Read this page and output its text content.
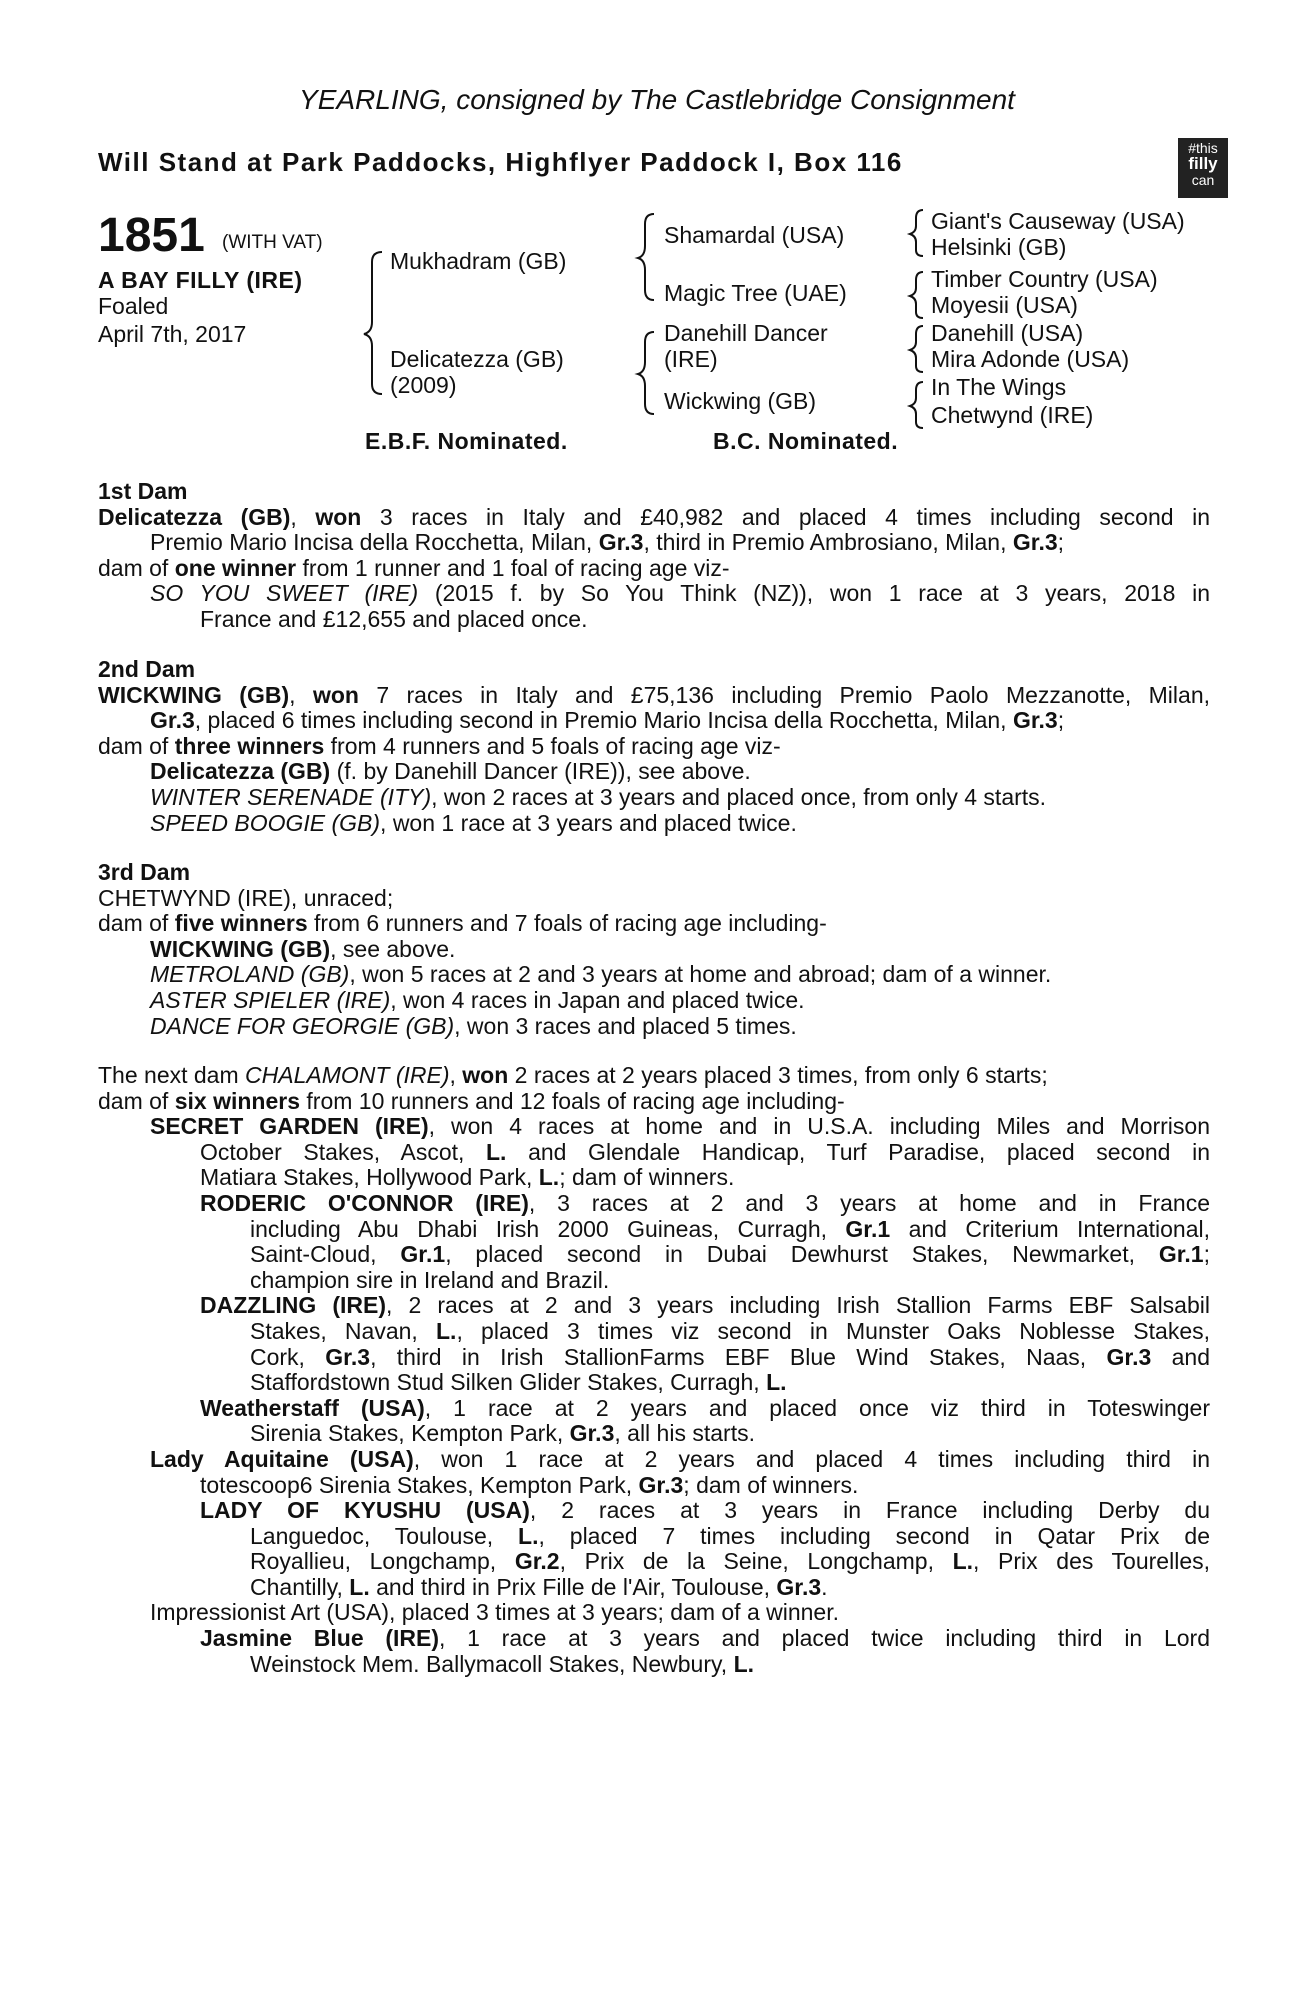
YEARLING, consigned by The Castlebridge Consignment
Will Stand at Park Paddocks, Highflyer Paddock I, Box 116	#this
filly
can
1851 (WITH VAT)
A BAY FILLY (IRE)
Foaled
April 7th, 2017
Mukhadram (GB)
Delicatezza (GB)
(2009)
Shamardal (USA)
Magic Tree (UAE)
Danehill Dancer
(IRE)
Wickwing (GB)
Giant's Causeway (USA)
Helsinki (GB)
Timber Country (USA)
Moyesii (USA)
Danehill (USA)
Mira Adonde (USA)
In The Wings
Chetwynd (IRE)
E.B.F. Nominated.	B.C. Nominated.
1st Dam
Delicatezza (GB), won 3 races in Italy and £40,982 and placed 4 times including second in
Premio Mario Incisa della Rocchetta, Milan, Gr.3, third in Premio Ambrosiano, Milan, Gr.3;
dam of one winner from 1 runner and 1 foal of racing age viz-
SO YOU SWEET (IRE) (2015 f. by So You Think (NZ)), won 1 race at 3 years, 2018 in
France and £12,655 and placed once.
2nd Dam
WICKWING (GB), won 7 races in Italy and £75,136 including Premio Paolo Mezzanotte, Milan,
Gr.3, placed 6 times including second in Premio Mario Incisa della Rocchetta, Milan, Gr.3;
dam of three winners from 4 runners and 5 foals of racing age viz-
Delicatezza (GB) (f. by Danehill Dancer (IRE)), see above.
WINTER SERENADE (ITY), won 2 races at 3 years and placed once, from only 4 starts.
SPEED BOOGIE (GB), won 1 race at 3 years and placed twice.
3rd Dam
CHETWYND (IRE), unraced;
dam of five winners from 6 runners and 7 foals of racing age including-
WICKWING (GB), see above.
METROLAND (GB), won 5 races at 2 and 3 years at home and abroad; dam of a winner.
ASTER SPIELER (IRE), won 4 races in Japan and placed twice.
DANCE FOR GEORGIE (GB), won 3 races and placed 5 times.
The next dam CHALAMONT (IRE), won 2 races at 2 years placed 3 times, from only 6 starts;
dam of six winners from 10 runners and 12 foals of racing age including-
SECRET GARDEN (IRE), won 4 races at home and in U.S.A. including Miles and Morrison
October Stakes, Ascot, L. and Glendale Handicap, Turf Paradise, placed second in
Matiara Stakes, Hollywood Park, L.; dam of winners.
RODERIC O'CONNOR (IRE), 3 races at 2 and 3 years at home and in France
including Abu Dhabi Irish 2000 Guineas, Curragh, Gr.1 and Criterium International,
Saint-Cloud, Gr.1, placed second in Dubai Dewhurst Stakes, Newmarket, Gr.1;
champion sire in Ireland and Brazil.
DAZZLING (IRE), 2 races at 2 and 3 years including Irish Stallion Farms EBF Salsabil
Stakes, Navan, L., placed 3 times viz second in Munster Oaks Noblesse Stakes,
Cork, Gr.3, third in Irish StallionFarms EBF Blue Wind Stakes, Naas, Gr.3 and
Staffordstown Stud Silken Glider Stakes, Curragh, L.
Weatherstaff (USA), 1 race at 2 years and placed once viz third in Toteswinger
Sirenia Stakes, Kempton Park, Gr.3, all his starts.
Lady Aquitaine (USA), won 1 race at 2 years and placed 4 times including third in
totescoop6 Sirenia Stakes, Kempton Park, Gr.3; dam of winners.
LADY OF KYUSHU (USA), 2 races at 3 years in France including Derby du
Languedoc, Toulouse, L., placed 7 times including second in Qatar Prix de
Royallieu, Longchamp, Gr.2, Prix de la Seine, Longchamp, L., Prix des Tourelles,
Chantilly, L. and third in Prix Fille de l'Air, Toulouse, Gr.3.
Impressionist Art (USA), placed 3 times at 3 years; dam of a winner.
Jasmine Blue (IRE), 1 race at 3 years and placed twice including third in Lord
Weinstock Mem. Ballymacoll Stakes, Newbury, L.
